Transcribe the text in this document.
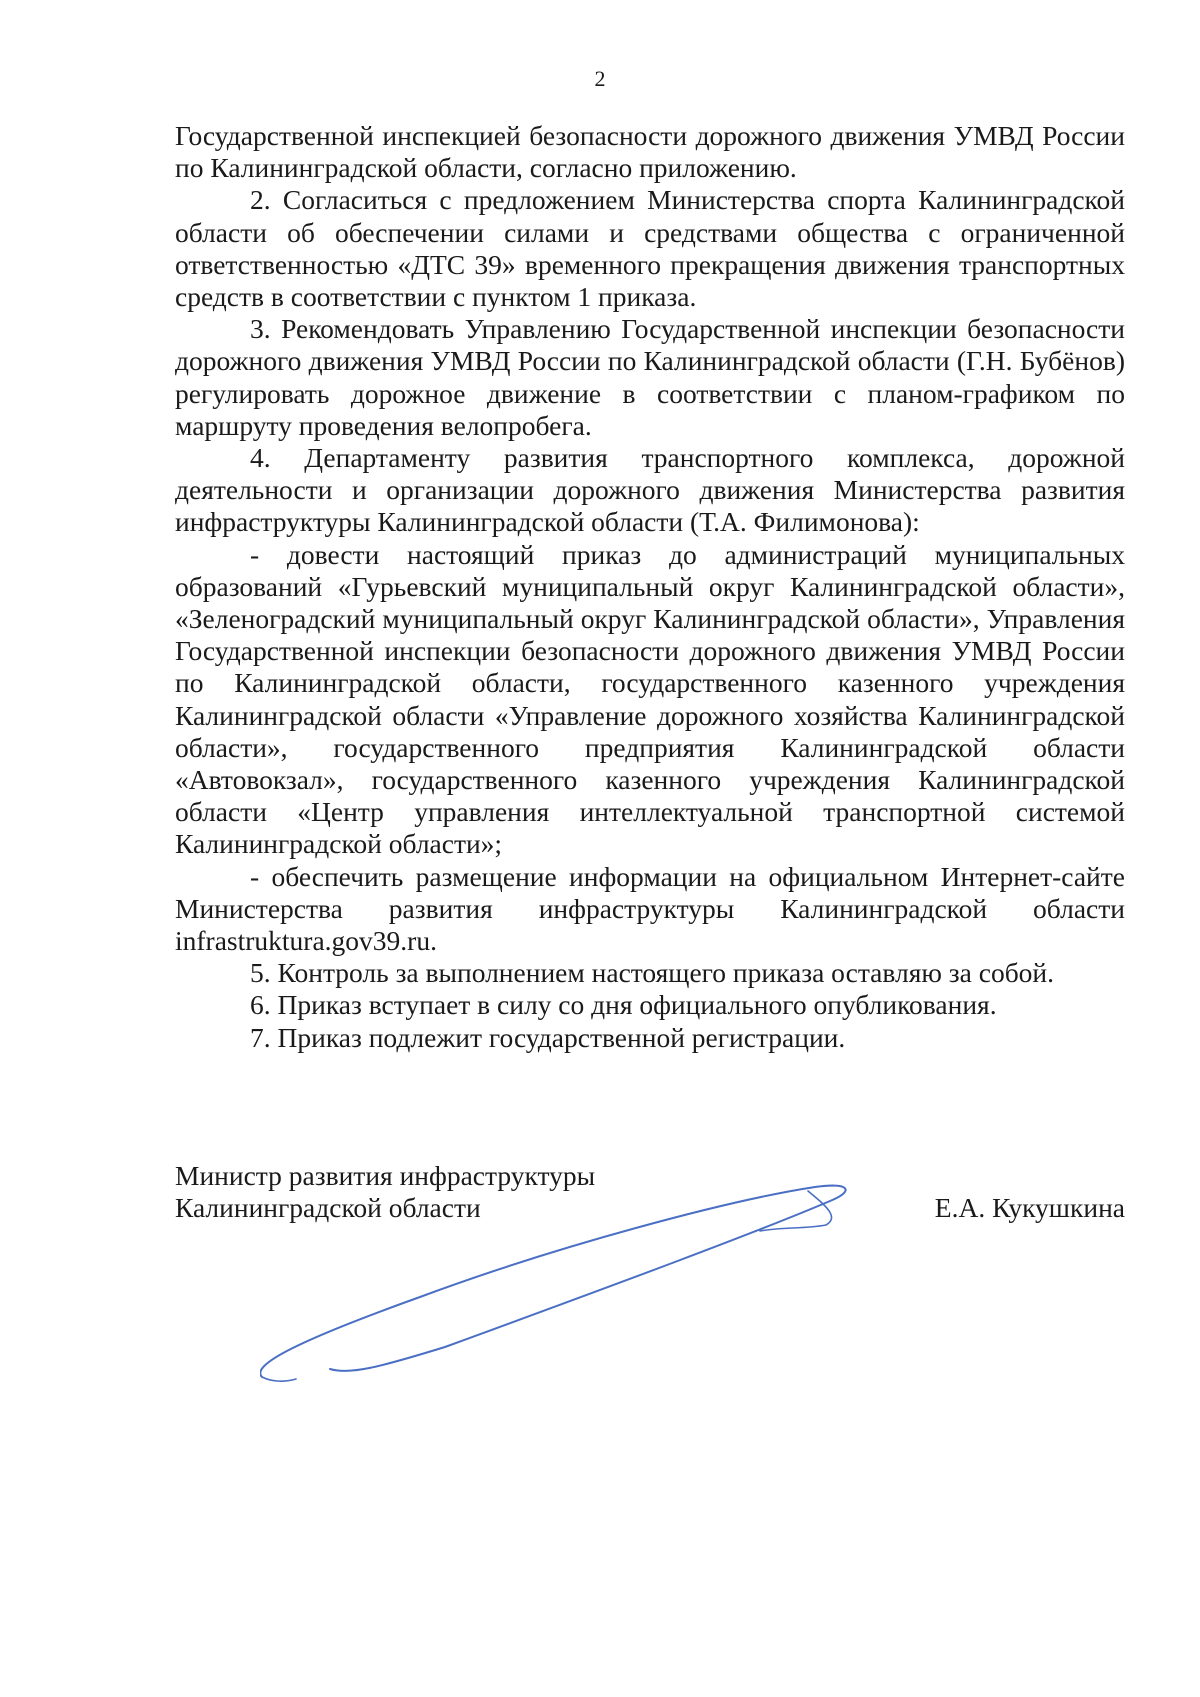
2

Государственной инспекцией безопасности дорожного движения УМВД России по Калининградской области, согласно приложению.

2. Согласиться с предложением Министерства спорта Калининградской области об обеспечении силами и средствами общества с ограниченной ответственностью «ДТС 39» временного прекращения движения транспортных средств в соответствии с пунктом 1 приказа.

3. Рекомендовать Управлению Государственной инспекции безопасности дорожного движения УМВД России по Калининградской области (Г.Н. Бубёнов) регулировать дорожное движение в соответствии с планом-графиком по маршруту проведения велопробега.

4. Департаменту развития транспортного комплекса, дорожной деятельности и организации дорожного движения Министерства развития инфраструктуры Калининградской области (Т.А. Филимонова):

- довести настоящий приказ до администраций муниципальных образований «Гурьевский муниципальный округ Калининградской области», «Зеленоградский муниципальный округ Калининградской области», Управления Государственной инспекции безопасности дорожного движения УМВД России по Калининградской области, государственного казенного учреждения Калининградской области «Управление дорожного хозяйства Калининградской области», государственного предприятия Калининградской области «Автовокзал», государственного казенного учреждения Калининградской области «Центр управления интеллектуальной транспортной системой Калининградской области»;

- обеспечить размещение информации на официальном Интернет-сайте Министерства развития инфраструктуры Калининградской области infrastruktura.gov39.ru.

5. Контроль за выполнением настоящего приказа оставляю за собой.

6. Приказ вступает в силу со дня официального опубликования.

7. Приказ подлежит государственной регистрации.

Министр развития инфраструктуры
Калининградской области	Е.А. Кукушкина
